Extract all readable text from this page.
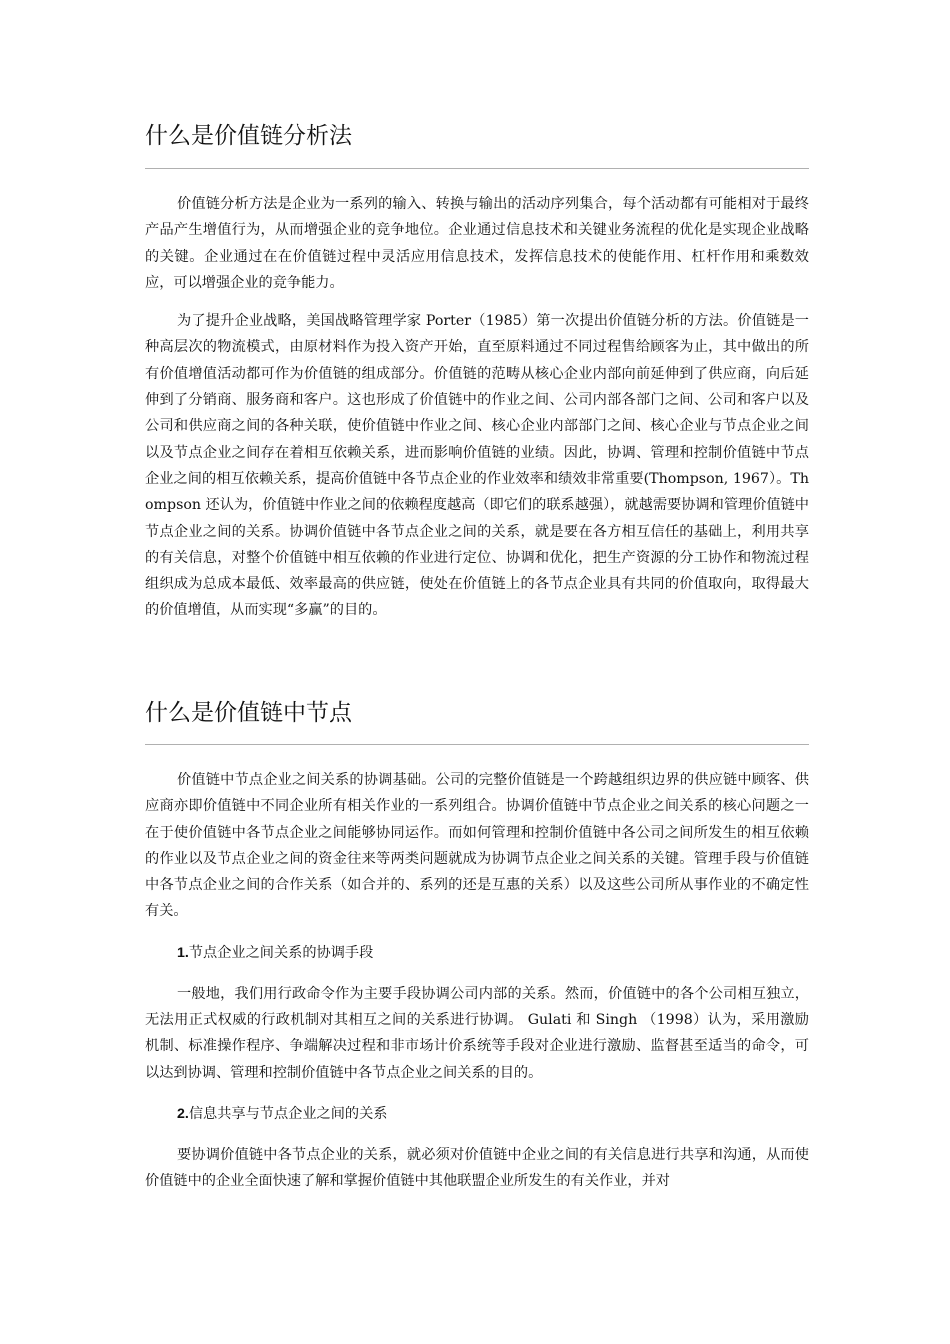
什么是价值链分析法

价值链分析方法是企业为一系列的输入、转换与输出的活动序列集合，每个活动都有可能相对于最终产品产生增值行为，从而增强企业的竞争地位。企业通过信息技术和关键业务流程的优化是实现企业战略的关键。企业通过在在价值链过程中灵活应用信息技术，发挥信息技术的使能作用、杠杆作用和乘数效应，可以增强企业的竞争能力。

为了提升企业战略，美国战略管理学家 Porter（1985）第一次提出价值链分析的方法。价值链是一种高层次的物流模式，由原材料作为投入资产开始，直至原料通过不同过程售给顾客为止，其中做出的所有价值增值活动都可作为价值链的组成部分。价值链的范畴从核心企业内部向前延伸到了供应商，向后延伸到了分销商、服务商和客户。这也形成了价值链中的作业之间、公司内部各部门之间、公司和客户以及公司和供应商之间的各种关联，使价值链中作业之间、核心企业内部部门之间、核心企业与节点企业之间以及节点企业之间存在着相互依赖关系，进而影响价值链的业绩。因此，协调、管理和控制价值链中节点企业之间的相互依赖关系，提高价值链中各节点企业的作业效率和绩效非常重要(Thompson, 1967）。Thompson 还认为，价值链中作业之间的依赖程度越高（即它们的联系越强），就越需要协调和管理价值链中节点企业之间的关系。协调价值链中各节点企业之间的关系，就是要在各方相互信任的基础上，利用共享的有关信息，对整个价值链中相互依赖的作业进行定位、协调和优化，把生产资源的分工协作和物流过程组织成为总成本最低、效率最高的供应链，使处在价值链上的各节点企业具有共同的价值取向，取得最大的价值增值，从而实现“多赢”的目的。

什么是价值链中节点

价值链中节点企业之间关系的协调基础。公司的完整价值链是一个跨越组织边界的供应链中顾客、供应商亦即价值链中不同企业所有相关作业的一系列组合。协调价值链中节点企业之间关系的核心问题之一在于使价值链中各节点企业之间能够协同运作。而如何管理和控制价值链中各公司之间所发生的相互依赖的作业以及节点企业之间的资金往来等两类问题就成为协调节点企业之间关系的关键。管理手段与价值链中各节点企业之间的合作关系（如合并的、系列的还是互惠的关系）以及这些公司所从事作业的不确定性有关。

1.节点企业之间关系的协调手段

一般地，我们用行政命令作为主要手段协调公司内部的关系。然而，价值链中的各个公司相互独立，无法用正式权威的行政机制对其相互之间的关系进行协调。 Gulati 和 Singh （1998）认为，采用激励机制、标准操作程序、争端解决过程和非市场计价系统等手段对企业进行激励、监督甚至适当的命令，可以达到协调、管理和控制价值链中各节点企业之间关系的目的。

2.信息共享与节点企业之间的关系

要协调价值链中各节点企业的关系，就必须对价值链中企业之间的有关信息进行共享和沟通，从而使价值链中的企业全面快速了解和掌握价值链中其他联盟企业所发生的有关作业，并对
